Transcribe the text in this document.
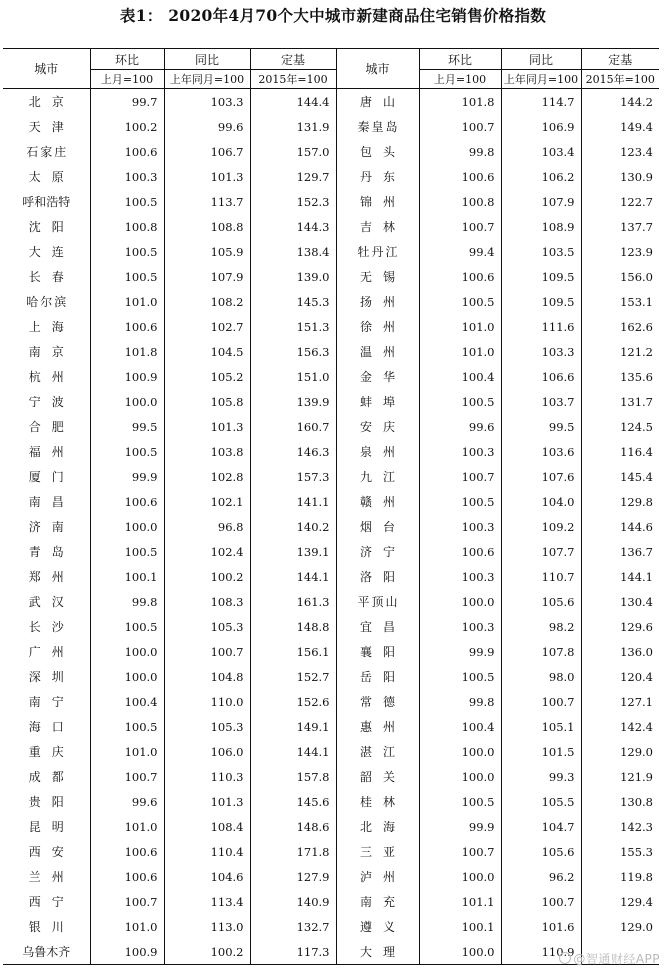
表1： 2020年4月70个大中城市新建商品住宅销售价格指数
城市	环比	同比	定基	城市	环比	同比	定基
	上月=100	上年同月=100	2015年=100		上月=100	上年同月=100	2015年=100
北京	99.7	103.3	144.4	唐山	101.8	114.7	144.2
天津	100.2	99.6	131.9	秦皇岛	100.7	106.9	149.4
石家庄	100.6	106.7	157.0	包头	99.8	103.4	123.4
太原	100.3	101.3	129.7	丹东	100.6	106.2	130.9
呼和浩特	100.5	113.7	152.3	锦州	100.8	107.9	122.7
沈阳	100.8	108.8	144.3	吉林	100.7	108.9	137.7
大连	100.5	105.9	138.4	牡丹江	99.4	103.5	123.9
长春	100.5	107.9	139.0	无锡	100.6	109.5	156.0
哈尔滨	101.0	108.2	145.3	扬州	100.5	109.5	153.1
上海	100.6	102.7	151.3	徐州	101.0	111.6	162.6
南京	101.8	104.5	156.3	温州	101.0	103.3	121.2
杭州	100.9	105.2	151.0	金华	100.4	106.6	135.6
宁波	100.0	105.8	139.9	蚌埠	100.5	103.7	131.7
合肥	99.5	101.3	160.7	安庆	99.6	99.5	124.5
福州	100.5	103.8	146.3	泉州	100.3	103.6	116.4
厦门	99.9	102.8	157.3	九江	100.7	107.6	145.4
南昌	100.6	102.1	141.1	赣州	100.5	104.0	129.8
济南	100.0	96.8	140.2	烟台	100.3	109.2	144.6
青岛	100.5	102.4	139.1	济宁	100.6	107.7	136.7
郑州	100.1	100.2	144.1	洛阳	100.3	110.7	144.1
武汉	99.8	108.3	161.3	平顶山	100.0	105.6	130.4
长沙	100.5	105.3	148.8	宜昌	100.3	98.2	129.6
广州	100.0	100.7	156.1	襄阳	99.9	107.8	136.0
深圳	100.0	104.8	152.7	岳阳	100.5	98.0	120.4
南宁	100.4	110.0	152.6	常德	99.8	100.7	127.1
海口	100.5	105.3	149.1	惠州	100.4	105.1	142.4
重庆	101.0	106.0	144.1	湛江	100.0	101.5	129.0
成都	100.7	110.3	157.8	韶关	100.0	99.3	121.9
贵阳	99.6	101.3	145.6	桂林	100.5	105.5	130.8
昆明	101.0	108.4	148.6	北海	99.9	104.7	142.3
西安	100.6	110.4	171.8	三亚	100.7	105.6	155.3
兰州	100.6	104.6	127.9	泸州	100.0	96.2	119.8
西宁	100.7	113.4	140.9	南充	101.1	100.7	129.4
银川	101.0	113.0	132.7	遵义	100.1	101.6	129.0
乌鲁木齐	100.9	100.2	117.3	大理	100.0	110.9	
@智通财经APP
